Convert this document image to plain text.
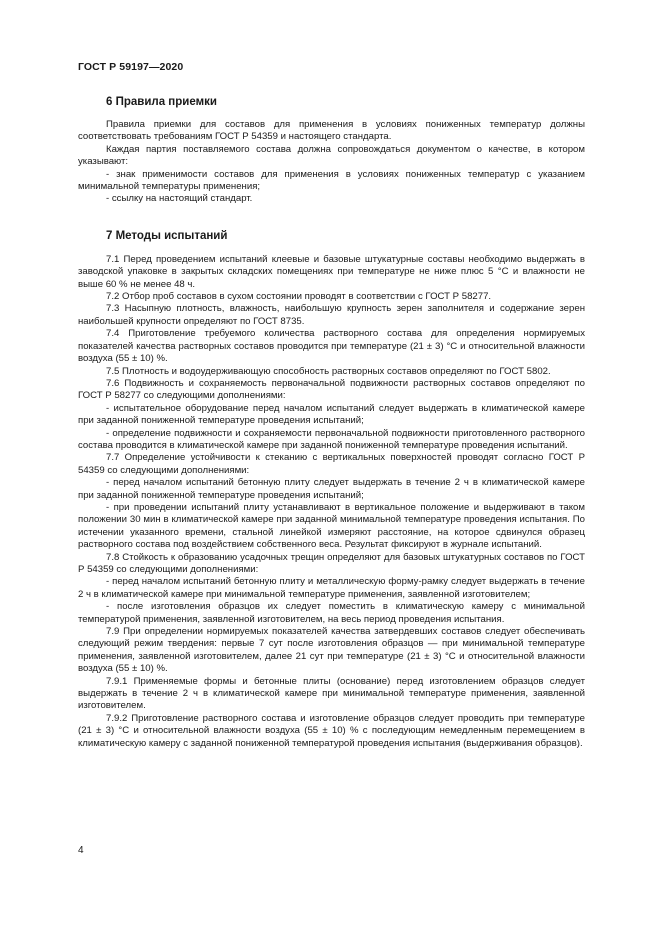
ГОСТ Р 59197—2020
6 Правила приемки

Правила приемки для составов для применения в условиях пониженных температур должны соответствовать требованиям ГОСТ Р 54359 и настоящего стандарта.

Каждая партия поставляемого состава должна сопровождаться документом о качестве, в котором указывают:

- знак применимости составов для применения в условиях пониженных температур с указанием минимальной температуры применения;

- ссылку на настоящий стандарт.

7 Методы испытаний

7.1 Перед проведением испытаний клеевые и базовые штукатурные составы необходимо выдержать в заводской упаковке в закрытых складских помещениях при температуре не ниже плюс 5 °С и влажности не выше 60 % не менее 48 ч.

7.2 Отбор проб составов в сухом состоянии проводят в соответствии с ГОСТ Р 58277.

7.3 Насыпную плотность, влажность, наибольшую крупность зерен заполнителя и содержание зерен наибольшей крупности определяют по ГОСТ 8735.

7.4 Приготовление требуемого количества растворного состава для определения нормируемых показателей качества растворных составов проводится при температуре (21 ± 3) °С и относительной влажности воздуха (55 ± 10) %.

7.5 Плотность и водоудерживающую способность растворных составов определяют по ГОСТ 5802.

7.6 Подвижность и сохраняемость первоначальной подвижности растворных составов определяют по ГОСТ Р 58277 со следующими дополнениями:

- испытательное оборудование перед началом испытаний следует выдержать в климатической камере при заданной пониженной температуре проведения испытаний;

- определение подвижности и сохраняемости первоначальной подвижности приготовленного растворного состава проводится в климатической камере при заданной пониженной температуре проведения испытаний.

7.7 Определение устойчивости к стеканию с вертикальных поверхностей проводят согласно ГОСТ Р 54359 со следующими дополнениями:

- перед началом испытаний бетонную плиту следует выдержать в течение 2 ч в климатической камере при заданной пониженной температуре проведения испытаний;

- при проведении испытаний плиту устанавливают в вертикальное положение и выдерживают в таком положении 30 мин в климатической камере при заданной минимальной температуре проведения испытания. По истечении указанного времени, стальной линейкой измеряют расстояние, на которое сдвинулся образец растворного состава под воздействием собственного веса. Результат фиксируют в журнале испытаний.

7.8 Стойкость к образованию усадочных трещин определяют для базовых штукатурных составов по ГОСТ Р 54359 со следующими дополнениями:

- перед началом испытаний бетонную плиту и металлическую форму-рамку следует выдержать в течение 2 ч в климатической камере при минимальной температуре применения, заявленной изготовителем;

- после изготовления образцов их следует поместить в климатическую камеру с минимальной температурой применения, заявленной изготовителем, на весь период проведения испытания.

7.9 При определении нормируемых показателей качества затвердевших составов следует обеспечивать следующий режим твердения: первые 7 сут после изготовления образцов — при минимальной температуре применения, заявленной изготовителем, далее 21 сут при температуре (21 ± 3) °С и относительной влажности воздуха (55 ± 10) %.

7.9.1 Применяемые формы и бетонные плиты (основание) перед изготовлением образцов следует выдержать в течение 2 ч в климатической камере при минимальной температуре применения, заявленной изготовителем.

7.9.2 Приготовление растворного состава и изготовление образцов следует проводить при температуре (21 ± 3) °С и относительной влажности воздуха (55 ± 10) % с последующим немедленным перемещением в климатическую камеру с заданной пониженной температурой проведения испытания (выдерживания образцов).

4
